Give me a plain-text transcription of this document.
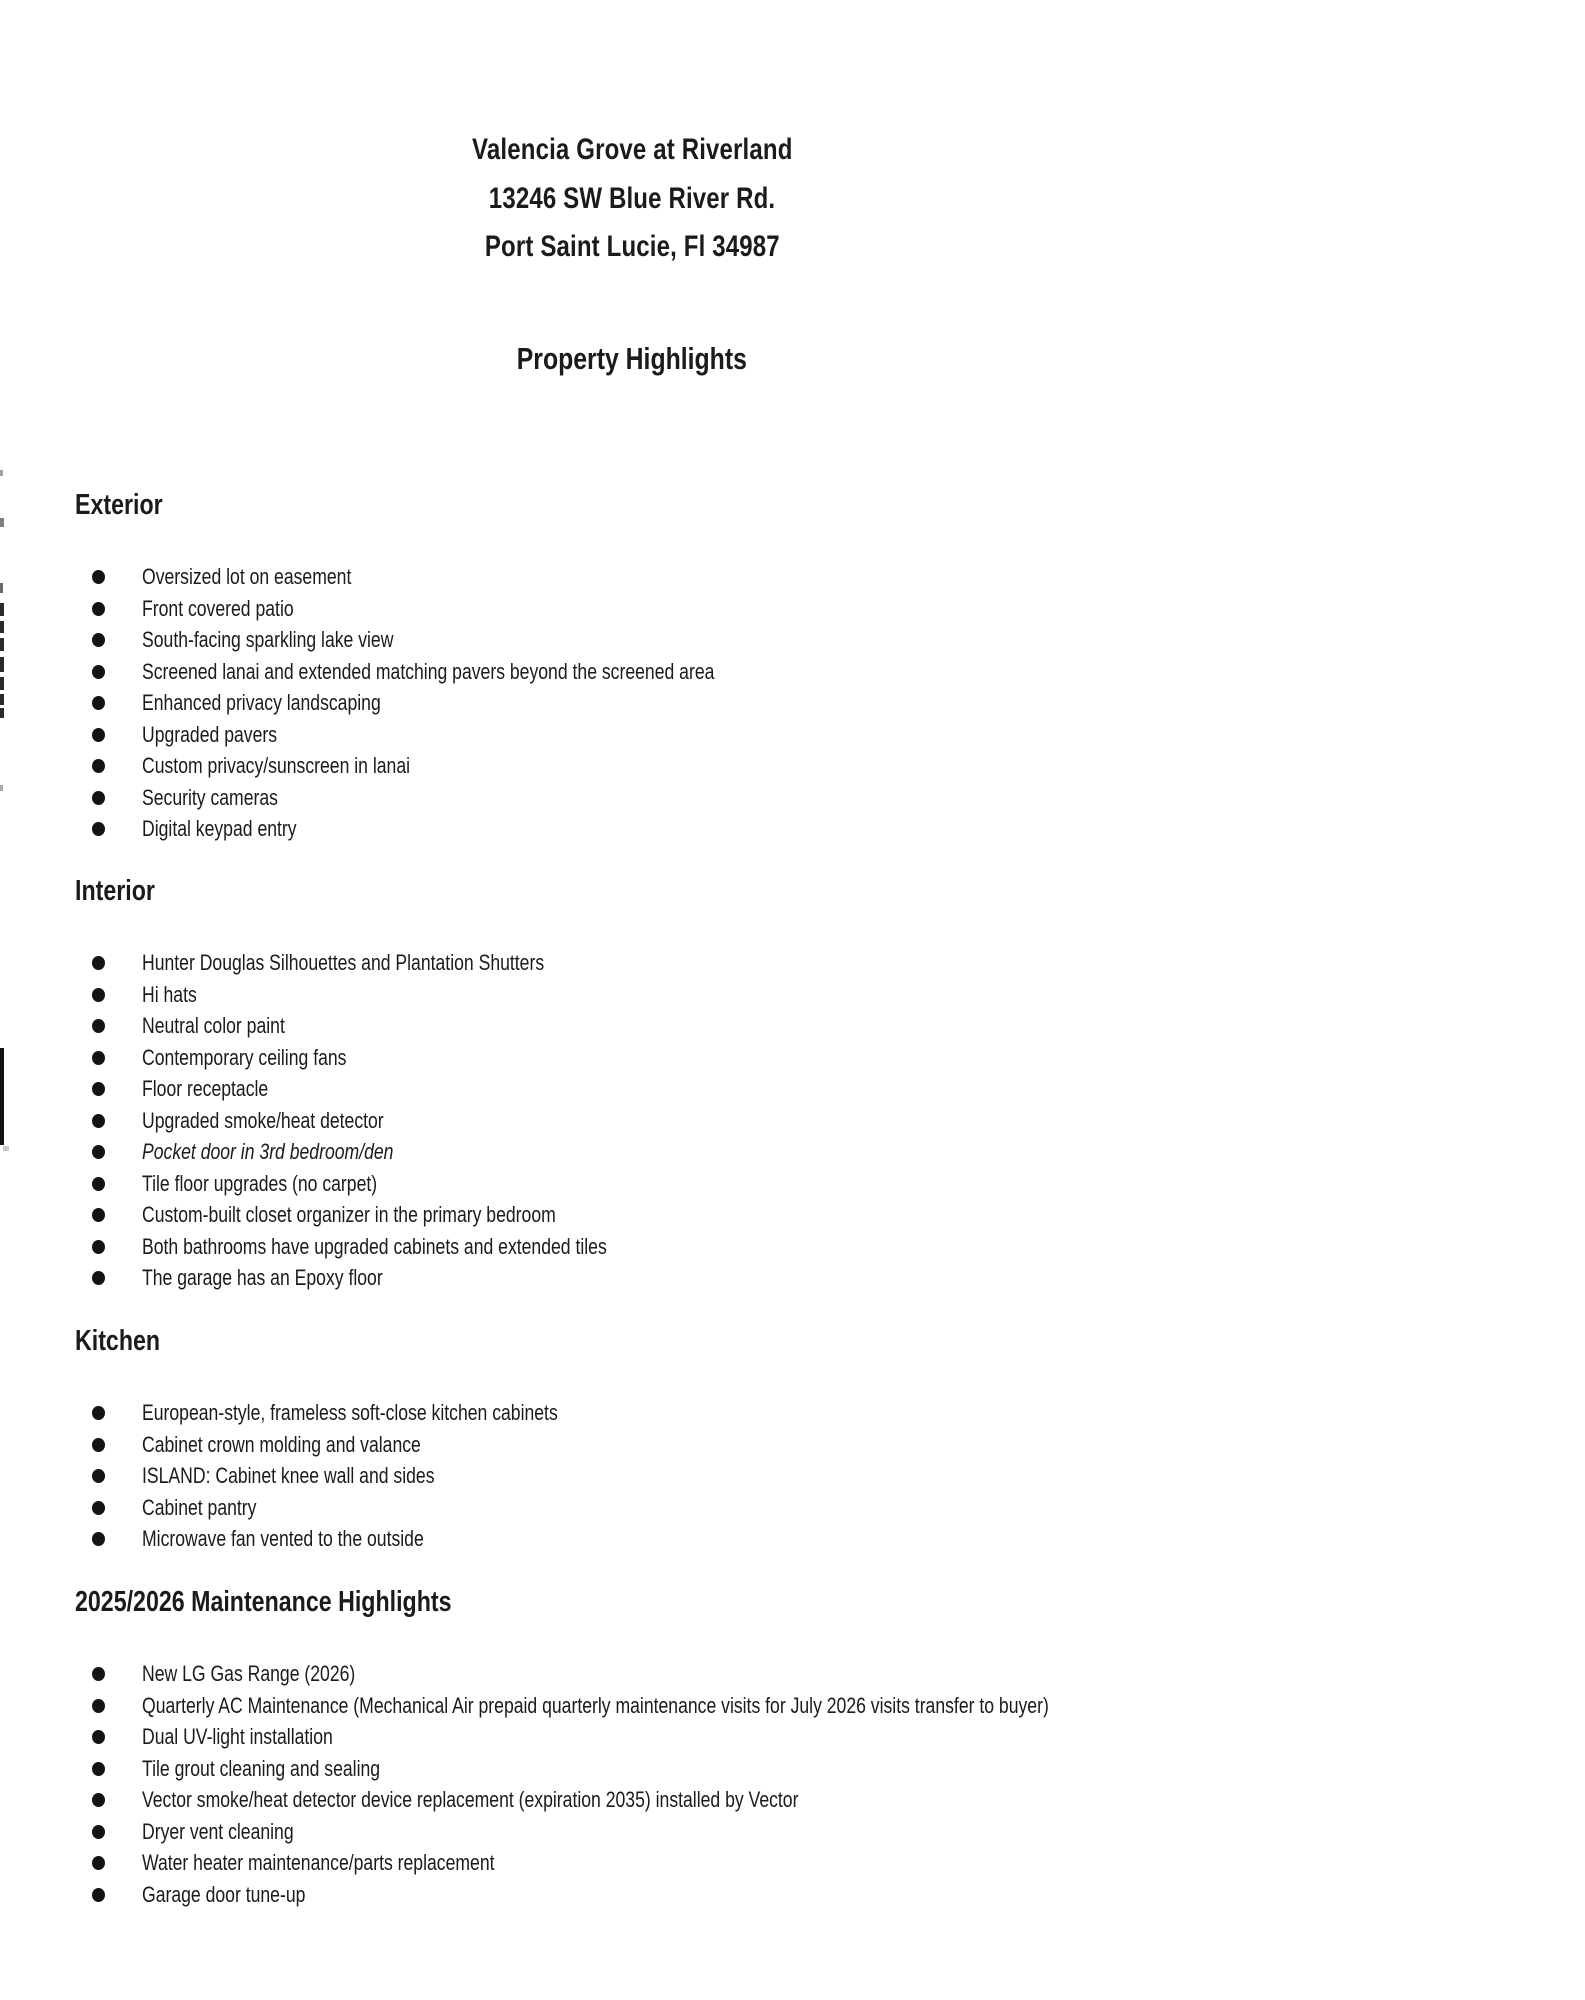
Valencia Grove at Riverland
13246 SW Blue River Rd.
Port Saint Lucie, Fl 34987
Property Highlights
Exterior
Oversized lot on easement
Front covered patio
South-facing sparkling lake view
Screened lanai and extended matching pavers beyond the screened area
Enhanced privacy landscaping
Upgraded pavers
Custom privacy/sunscreen in lanai
Security cameras
Digital keypad entry
Interior
Hunter Douglas Silhouettes and Plantation Shutters
Hi hats
Neutral color paint
Contemporary ceiling fans
Floor receptacle
Upgraded smoke/heat detector
Pocket door in 3rd bedroom/den
Tile floor upgrades (no carpet)
Custom-built closet organizer in the primary bedroom
Both bathrooms have upgraded cabinets and extended tiles
The garage has an Epoxy floor
Kitchen
European-style, frameless soft-close kitchen cabinets
Cabinet crown molding and valance
ISLAND: Cabinet knee wall and sides
Cabinet pantry
Microwave fan vented to the outside
2025/2026 Maintenance Highlights
New LG Gas Range (2026)
Quarterly AC Maintenance (Mechanical Air prepaid quarterly maintenance visits for July 2026 visits transfer to buyer)
Dual UV-light installation
Tile grout cleaning and sealing
Vector smoke/heat detector device replacement (expiration 2035) installed by Vector
Dryer vent cleaning
Water heater maintenance/parts replacement
Garage door tune-up
